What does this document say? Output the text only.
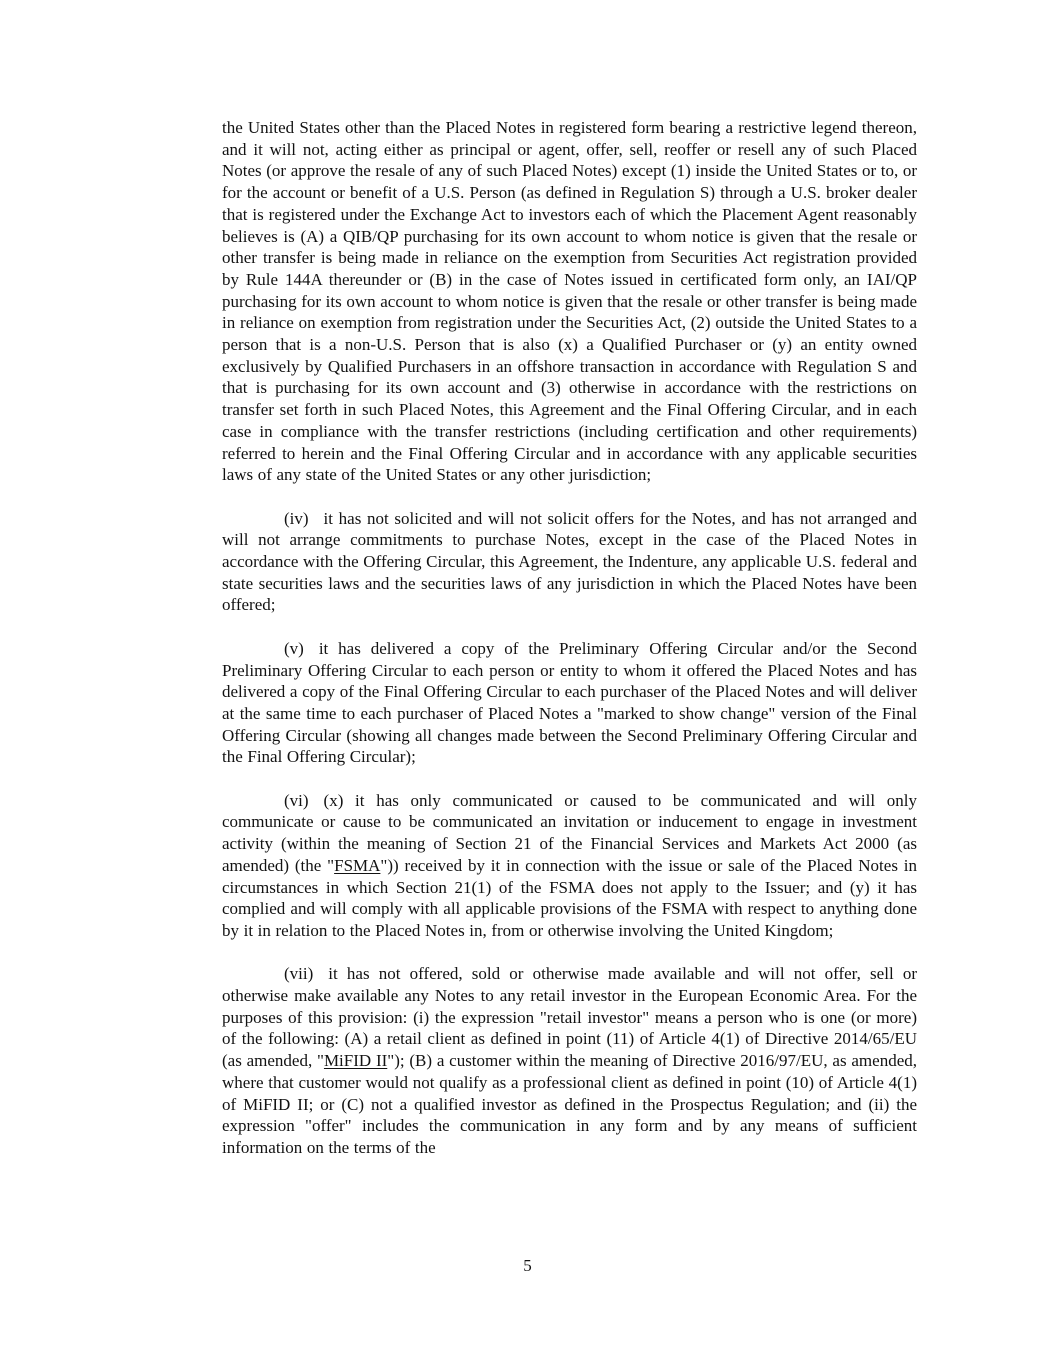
the United States other than the Placed Notes in registered form bearing a restrictive legend thereon, and it will not, acting either as principal or agent, offer, sell, reoffer or resell any of such Placed Notes (or approve the resale of any of such Placed Notes) except (1) inside the United States or to, or for the account or benefit of a U.S. Person (as defined in Regulation S) through a U.S. broker dealer that is registered under the Exchange Act to investors each of which the Placement Agent reasonably believes is (A) a QIB/QP purchasing for its own account to whom notice is given that the resale or other transfer is being made in reliance on the exemption from Securities Act registration provided by Rule 144A thereunder or (B) in the case of Notes issued in certificated form only, an IAI/QP purchasing for its own account to whom notice is given that the resale or other transfer is being made in reliance on exemption from registration under the Securities Act, (2) outside the United States to a person that is a non-U.S. Person that is also (x) a Qualified Purchaser or (y) an entity owned exclusively by Qualified Purchasers in an offshore transaction in accordance with Regulation S and that is purchasing for its own account and (3) otherwise in accordance with the restrictions on transfer set forth in such Placed Notes, this Agreement and the Final Offering Circular, and in each case in compliance with the transfer restrictions (including certification and other requirements) referred to herein and the Final Offering Circular and in accordance with any applicable securities laws of any state of the United States or any other jurisdiction;

(iv) it has not solicited and will not solicit offers for the Notes, and has not arranged and will not arrange commitments to purchase Notes, except in the case of the Placed Notes in accordance with the Offering Circular, this Agreement, the Indenture, any applicable U.S. federal and state securities laws and the securities laws of any jurisdiction in which the Placed Notes have been offered;

(v) it has delivered a copy of the Preliminary Offering Circular and/or the Second Preliminary Offering Circular to each person or entity to whom it offered the Placed Notes and has delivered a copy of the Final Offering Circular to each purchaser of the Placed Notes and will deliver at the same time to each purchaser of Placed Notes a "marked to show change" version of the Final Offering Circular (showing all changes made between the Second Preliminary Offering Circular and the Final Offering Circular);

(vi) (x) it has only communicated or caused to be communicated and will only communicate or cause to be communicated an invitation or inducement to engage in investment activity (within the meaning of Section 21 of the Financial Services and Markets Act 2000 (as amended) (the "FSMA")) received by it in connection with the issue or sale of the Placed Notes in circumstances in which Section 21(1) of the FSMA does not apply to the Issuer; and (y) it has complied and will comply with all applicable provisions of the FSMA with respect to anything done by it in relation to the Placed Notes in, from or otherwise involving the United Kingdom;

(vii) it has not offered, sold or otherwise made available and will not offer, sell or otherwise make available any Notes to any retail investor in the European Economic Area. For the purposes of this provision: (i) the expression "retail investor" means a person who is one (or more) of the following: (A) a retail client as defined in point (11) of Article 4(1) of Directive 2014/65/EU (as amended, "MiFID II"); (B) a customer within the meaning of Directive 2016/97/EU, as amended, where that customer would not qualify as a professional client as defined in point (10) of Article 4(1) of MiFID II; or (C) not a qualified investor as defined in the Prospectus Regulation; and (ii) the expression "offer" includes the communication in any form and by any means of sufficient information on the terms of the

5
